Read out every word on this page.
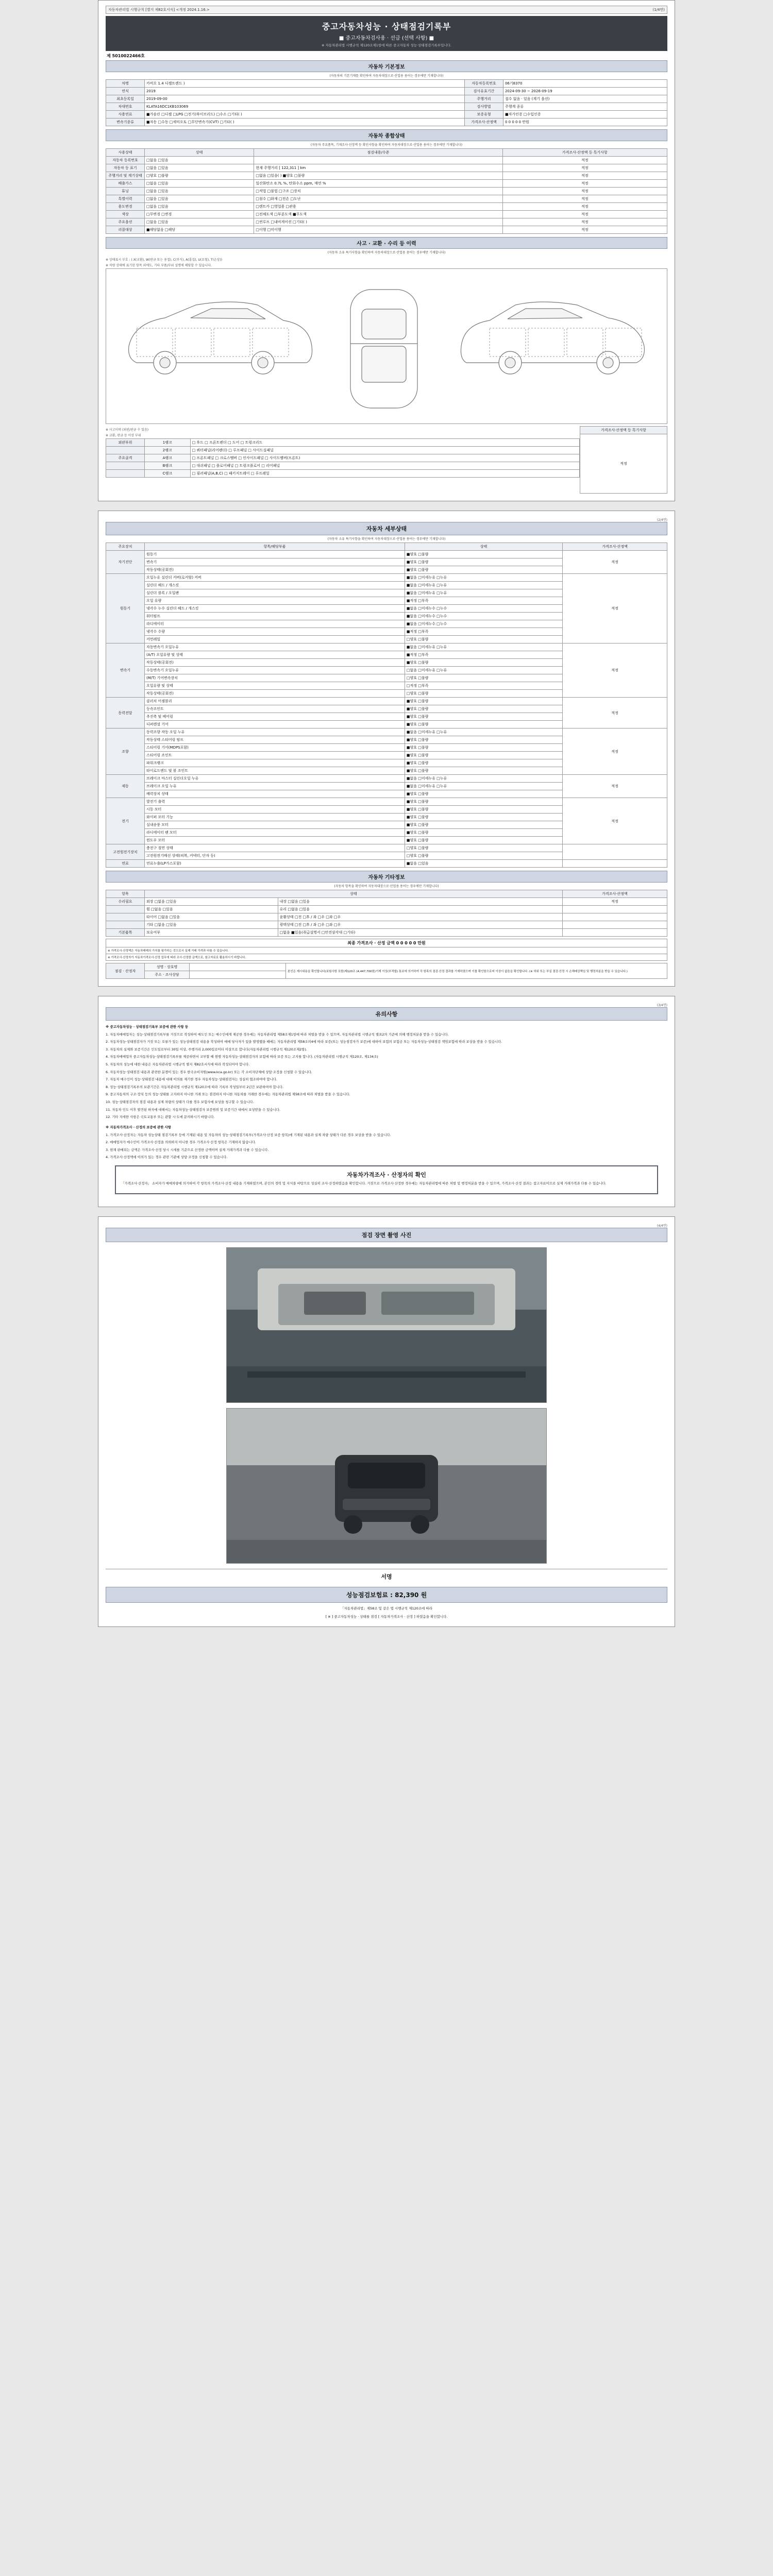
자동차관리법 시행규칙 [별지 제82호서식] <개정 2024.1.16.>	(1/4면)
중고자동차성능 · 상태점검기록부
■ 중고자동차검사용 · 선급 (선택 사항) ■
※ 자동차관리법 시행규칙 제120조제1항에 따른 중고자동차 성능·상태점검기록부입니다.
제 5010022466호
자동차 기본정보
(자동차의 기본기재를 확인하여 자동차대장으로·산업용 용어는 경우에만 기재합니다)
차명	카비오 1.4 디젤트렌드 )	자동차등록번호	06기8370
연식	2019	검사유효기간	2024-09-30 ~ 2026-09-19
최초등록일	2019-09-00	주행거리	접수 없음 · 있음 (계기 옵션)
차대번호	KLATA16DC1KB103069	검사방법	주행계 종류
사용연료	■가솔린 □디젤 □LPG □전기(하이브리드) □수소 □기타( )	보증유형	■자가인증 □수입인증
변속기종류	■자동 □수동 □세미오토 □무단변속기(CVT) □기타( )	가격조사·산정액	0 0 0 0 0 만원
자동차 종합상태
(자동차 주요품목, 기재조사·선정액 등 확인사항을 확인하여 자동차대장으로·산업용 용어는 경우에만 기재합니다)
사용상태	상태	점검내용/수준	가격조사·산정액 등 특기사항
자동차 등록번호	□없음 □있음		적정
자동차 등 표기	□없음 □있음	현재 주행거리 [ 122,311 ] km	적정
주행거리 및 계기상태	□양호 □불량	□없음 □있음( ) ■양호 □불량	적정
배출가스	□없음 □있음	일산화탄소 0.7L %, 탄화수소 ppm, 매연 %	적정
튜닝	□없음 □있음	□적법 □불법 □구조 □장치	적정
특별이력	□없음 □있음	□침수 □화재 □전손 □도난	적정
용도변경	□없음 □있음	□렌트카 □영업용 □관용	적정
색상	□무변경 □변경	□전체도색 □부분도색 ■무도색	적정
주요옵션	□없음 □있음	□썬루프 □내비게이션 □기타( )	적정
리콜대상	■해당없음 □해당	□이행 □미이행	적정
사고 · 교환 · 수리 등 이력
(자동차 소유 특기사항을 확인하여 자동차대장으로·산업용 용어는 경우에만 기재합니다)
※ 상태표시 부호 : ( X(교환), W(판금 또는 용접), C(부식), A(흠집), U(요철), T(손상))
※ 차량 상태에 표기된 항목 외에도, 기타 부품/부위 설명에 해당할 수 있습니다.
※ 사고이력 (외판/판금 수 있음)
※ 교환, 판금 등 이상 부위
외판부위	1랭크	□ 후드 □ 프론트펜더 □ 도어 □ 트렁크리드
	2랭크	□ 쿼터패널(리어펜더) □ 루프패널 □ 사이드실패널
주요골격	A랭크	□ 프론트패널 □ 크로스멤버 □ 인사이드패널 □ 사이드멤버(프론트)
	B랭크	□ 대쉬패널 □ 플로어패널 □ 트렁크플로어 □ 리어패널
	C랭크	□ 필러패널(A,B,C) □ 패키지트레이 □ 루프레일
가격조사·산정액 등 특기사항
적정
(2/4면)
자동차 세부상태
(자동차 소유 특기사항을 확인하여 자동차대장으로·산업용 용어는 경우에만 기재합니다)
주요장치	항목/해당부품	상태	가격조사·산정액
자기진단	원동기	■양호 □불량	적정
	변속기	■양호 □불량	
	작동상태(공회전)	■양호 □불량	
원동기	오일누유 실린더 커버(로커암) 커버	■없음 □미세누유 □누유	적정
	실린더 헤드 / 개스킷	■없음 □미세누유 □누유	
	실린더 블록 / 오일팬	■없음 □미세누유 □누유	
	오일 유량	■적정 □부족	
	냉각수 누수 실린더 헤드 / 개스킷	■없음 □미세누수 □누수	
	워터펌프	■없음 □미세누수 □누수	
	라디에이터	■없음 □미세누수 □누수	
	냉각수 수량	■적정 □부족	
	커먼레일	□양호 □불량	
변속기	자동변속기 오일누유	■없음 □미세누유 □누유	적정
	(A/T) 오일유량 및 상태	■적정 □부족	
	작동상태(공회전)	■양호 □불량	
	수동변속기 오일누유	□없음 □미세누유 □누유	
	(M/T) 기어변속장치	□양호 □불량	
	오일유량 및 상태	□적정 □부족	
	작동상태(공회전)	□양호 □불량	
동력전달	클러치 어셈블리	■양호 □불량	적정
	등속조인트	■양호 □불량	
	추진축 및 베어링	■양호 □불량	
	디퍼렌셜 기어	■양호 □불량	
조향	동력조향 작동 오일 누유	■없음 □미세누유 □누유	적정
	작동상태 스티어링 펌프	■양호 □불량	
	스티어링 기어(MDPS포함)	■양호 □불량	
	스티어링 조인트	■양호 □불량	
	파워크랭크	■양호 □불량	
	타이로드엔드 및 볼 조인트	■양호 □불량	
제동	브레이크 마스터 실린더오일 누유	■없음 □미세누유 □누유	적정
	브레이크 오일 누유	■없음 □미세누유 □누유	
	배력장치 상태	■양호 □불량	
전기	발전기 출력	■양호 □불량	적정
	시동 모터	■양호 □불량	
	와이퍼 모터 기능	■양호 □불량	
	실내송풍 모터	■양호 □불량	
	라디에이터 팬 모터	■양호 □불량	
	윈도우 모터	■양호 □불량	
고전원전기장치	충전구 절연 상태	□양호 □불량	
	고전원전기배선 상태(피복, 커넥터, 단자 등)	□양호 □불량	
연료	연료누출(LP가스포함)	■없음 □있음	
자동차 기타정보
(자동차 항목을 확인하여 자동차대장으로·산업용 용어는 경우에만 기재합니다)
항목	상태		가격조사·산정액
수리필요	외장 □없음 □있음	내장 □없음 □있음	적정
	휠 □없음 □있음	유리 □없음 □있음	
	타이어 □없음 □있음	윤활상태 □전 □후 / 좌 □우 □좌 □우	
	기타 □없음 □있음	광택상태 □전 □후 / 좌 □우 □좌 □우	
기본품목	보유여부	□없음 ■있음(취급설명서 □안전삼각대 □기타)	
최종 가격조사 · 산정 금액 0 0 0 0 0 만원
※ 가격조사·산정액은 자동차매매의 가치를 평가하는 것으로서 실제 거래 가격과 다를 수 있습니다.
※ 가격조사·산정자가 자동차가격조사·산정 업무에 따라 조사·산정한 금액으로, 참고자료로 활용하시기 바랍니다.
점검 · 산정자	성명 · 상호명		본인은 제시내용을 확인합니다(보험사항 포함)제120조 (4,447,700원)기재 이상(부적합) 통보에 의거하여 각 항목의 점검·산정 결과를 기재하였으며 이를 확인함으로써 이상이 없음을 확인합니다. (※ 허위 또는 부실 점검·산정 시 손해배상책임 및 행정처분을 받을 수 있습니다.)
	주소 · 조사상담		
(3/4면)
유의사항
※ 중고자동차성능 · 상태점검기록부 보증에 관한 사항 등

1. 자동차매매업자는 성능·상태점검기록부를 거짓으로 작성하여 매도인 또는 매수인에게 제공한 경우에는 자동차관리법 제58조제1항에 따라 처벌을 받을 수 있으며, 자동차관리법 시행규칙 별표2의 기준에 의해 행정처분을 받을 수 있습니다.

2. 자동차성능·상태점검자가 거짓 또는 오류가 있는 성능상태점검 내용을 작성하여 매매 당사자가 있을 발생했을 때에는 자동차관리법 제58조의4에 따라 보증(또는 성능점검자가 보증)에 대하여 보험의 보험금 또는 자동차성능·상태점검 책임보험에 따라 보상을 받을 수 있습니다.

3. 자동차의 실제와 보증기간은 인도일로부터 30일 이상, 주행거리 2,000킬로미터 이상으로 합니다(자동차관리법 시행규칙 제120조제2항).

4. 자동차매매업자 중고자동차성능·상태점검기록부를 제공하면서 교부할 때 현행 자동차성능·상태점검자의 보험에 따라 보증 또는 고지를 합니다. (자동차관리법 시행규칙 제120조, 제134조)

5. 자동차의 성능에 대한 내용은 자동차관리법 시행규칙 별지 제82호서식에 따라 작성되어야 합니다.

6. 자동차성능·상태점검 내용과 관련한 분쟁이 있는 경우 한국소비자원(www.kca.go.kr) 또는 각 소비자단체에 상담·조정을 신청할 수 있습니다.

7. 자동차 매수인이 성능·상태점검 내용에 대해 이의를 제기한 경우 자동차성능·상태점검자는 성실히 협조하여야 합니다.

8. 성능·상태점검기록부의 보관기간은 자동차관리법 시행규칙 제120조에 따라 기록부 작성일부터 2년간 보관하여야 합니다.

9. 중고자동차의 구조·장치 등의 성능·상태를 고지하지 아니한 거래 또는 점검하지 아니한 자동차를 거래한 경우에는 자동차관리법 제58조에 따라 처벌을 받을 수 있습니다.

10. 성능·상태점검자의 점검 내용과 실제 차량의 상태가 다를 경우 보험사에 보상을 청구할 수 있습니다.

11. 자동차 인도 이후 발견된 하자에 대해서는 자동차성능·상태점검자 보증범위 및 보증기간 내에서 보상받을 수 있습니다.

12. 기타 자세한 사항은 국토교통부 또는 관할 시·도에 문의하시기 바랍니다.

※ 자동차가격조사 · 산정의 보증에 관한 사항

1. 가격조사·산정자는 자동차 성능상태 점검기록부 등에 기재된 내용 및 자동차의 성능·상태점검기록부(가격조사·산정 보증 항목)에 기재된 내용과 실제 차량 상태가 다른 경우 보상을 받을 수 있습니다.

2. 매매업자가 매수인이 가격조사·산정을 의뢰하지 아니한 경우 가격조사·산정 항목은 기재하지 않습니다.

3. 현재 판매되는 금액은 가격조사·산정 당시 시세를 기준으로 산정한 금액이며 실제 거래가격과 다를 수 있습니다.

4. 가격조사·산정액에 이의가 있는 경우 관련 기관에 상담·조정을 신청할 수 있습니다.

자동차가격조사 · 산정자의 확인
「가격조사·산정자」 소비자가 매매차량에 의거하여 각 항목의 가격조사·산정 내용을 기재하였으며, 본인의 경력 및 지식을 바탕으로 성실히 조사·산정하였음을 확인합니다. 거짓으로 가격조사·산정한 경우에는 자동차관리법에 따른 처벌 및 행정처분을 받을 수 있으며, 가격조사·산정 결과는 참고자료이므로 실제 거래가격과 다를 수 있습니다.
(4/4면)
점검 장면 촬영 사진
서명
성능점검보험료 : 82,390 원
「자동차관리법」제58조 및 같은 법 시행규칙 제120조에 따라
[ ※ ] 중고자동차성능 · 상태를 점검 [ 자동차가격조사 · 산정 ] 하였음을 확인합니다.
